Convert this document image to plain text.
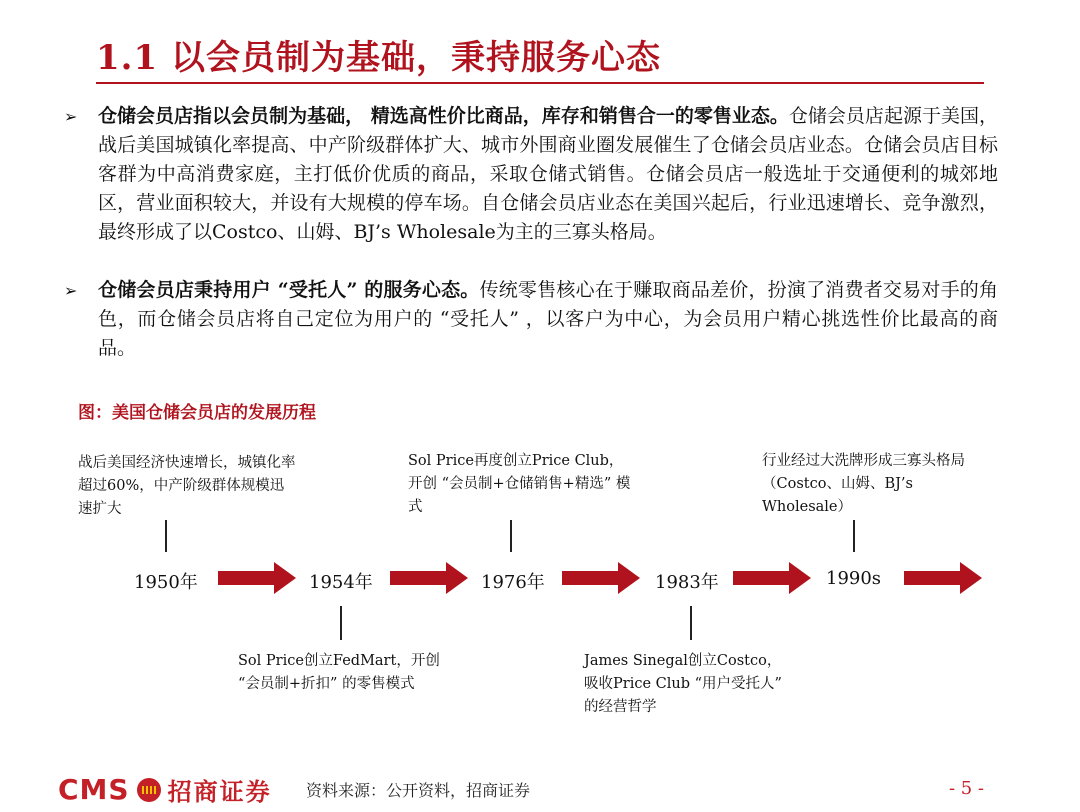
1.1 以会员制为基础，秉持服务心态
➢	仓储会员店指以会员制为基础， 精选高性价比商品，库存和销售合一的零售业态。仓储会员店起源于美国，战后美国城镇化率提高、中产阶级群体扩大、城市外围商业圈发展催生了仓储会员店业态。仓储会员店目标客群为中高消费家庭，主打低价优质的商品，采取仓储式销售。仓储会员店一般选址于交通便利的城郊地区，营业面积较大，并设有大规模的停车场。自仓储会员店业态在美国兴起后，行业迅速增长、竞争激烈，最终形成了以Costco、山姆、BJ’s Wholesale为主的三寡头格局。
➢	仓储会员店秉持用户 “受托人” 的服务心态。传统零售核心在于赚取商品差价，扮演了消费者交易对手的角色，而仓储会员店将自己定位为用户的 “受托人” ，以客户为中心，为会员用户精心挑选性价比最高的商品。
图：美国仓储会员店的发展历程
战后美国经济快速增长，城镇化率超过60%，中产阶级群体规模迅速扩大
Sol Price再度创立Price Club，开创 “会员制+仓储销售+精选” 模式
行业经过大洗牌形成三寡头格局（Costco、山姆、BJ’s Wholesale）
Sol Price创立FedMart，开创 “会员制+折扣” 的零售模式
James Sinegal创立Costco，吸收Price Club “用户受托人” 的经营哲学
1950年	1954年	1976年	1983年	1990s
CMS 招商证券 资料来源：公开资料，招商证券	- 5 -
